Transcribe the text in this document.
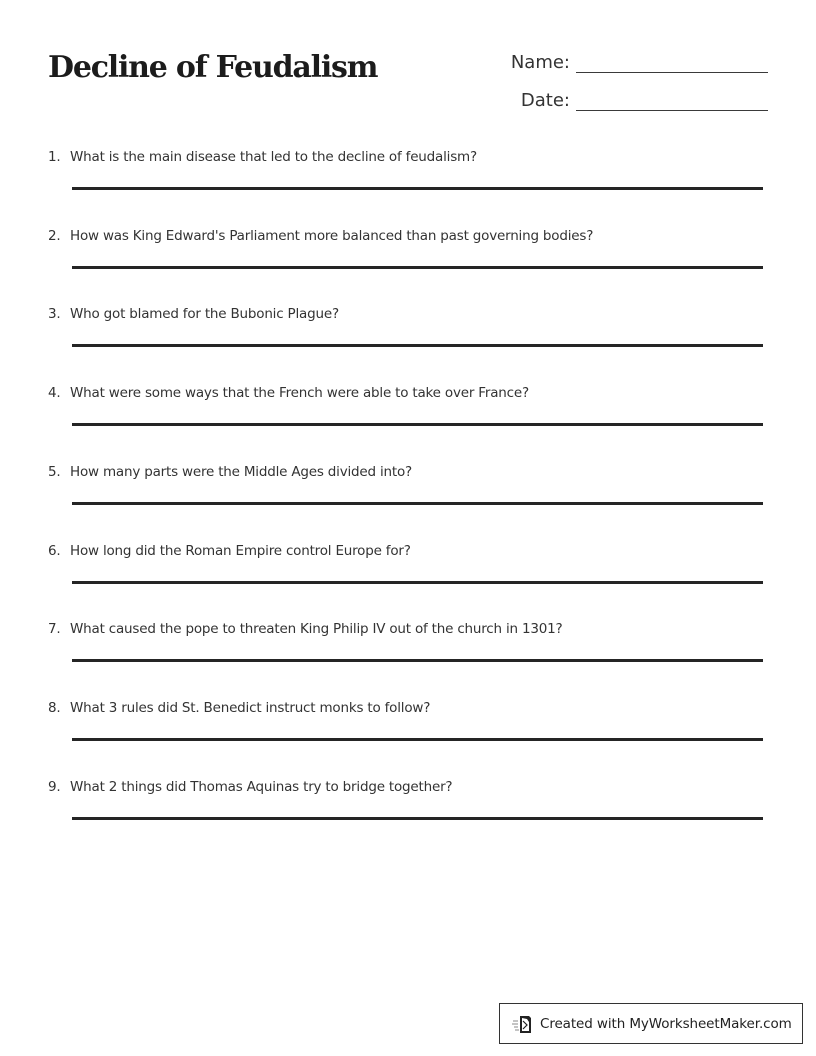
Decline of Feudalism	Name:
Date:
1. What is the main disease that led to the decline of feudalism?
2. How was King Edward's Parliament more balanced than past governing bodies?
3. Who got blamed for the Bubonic Plague?
4. What were some ways that the French were able to take over France?
5. How many parts were the Middle Ages divided into?
6. How long did the Roman Empire control Europe for?
7. What caused the pope to threaten King Philip IV out of the church in 1301?
8. What 3 rules did St. Benedict instruct monks to follow?
9. What 2 things did Thomas Aquinas try to bridge together?
Created with MyWorksheetMaker.com
